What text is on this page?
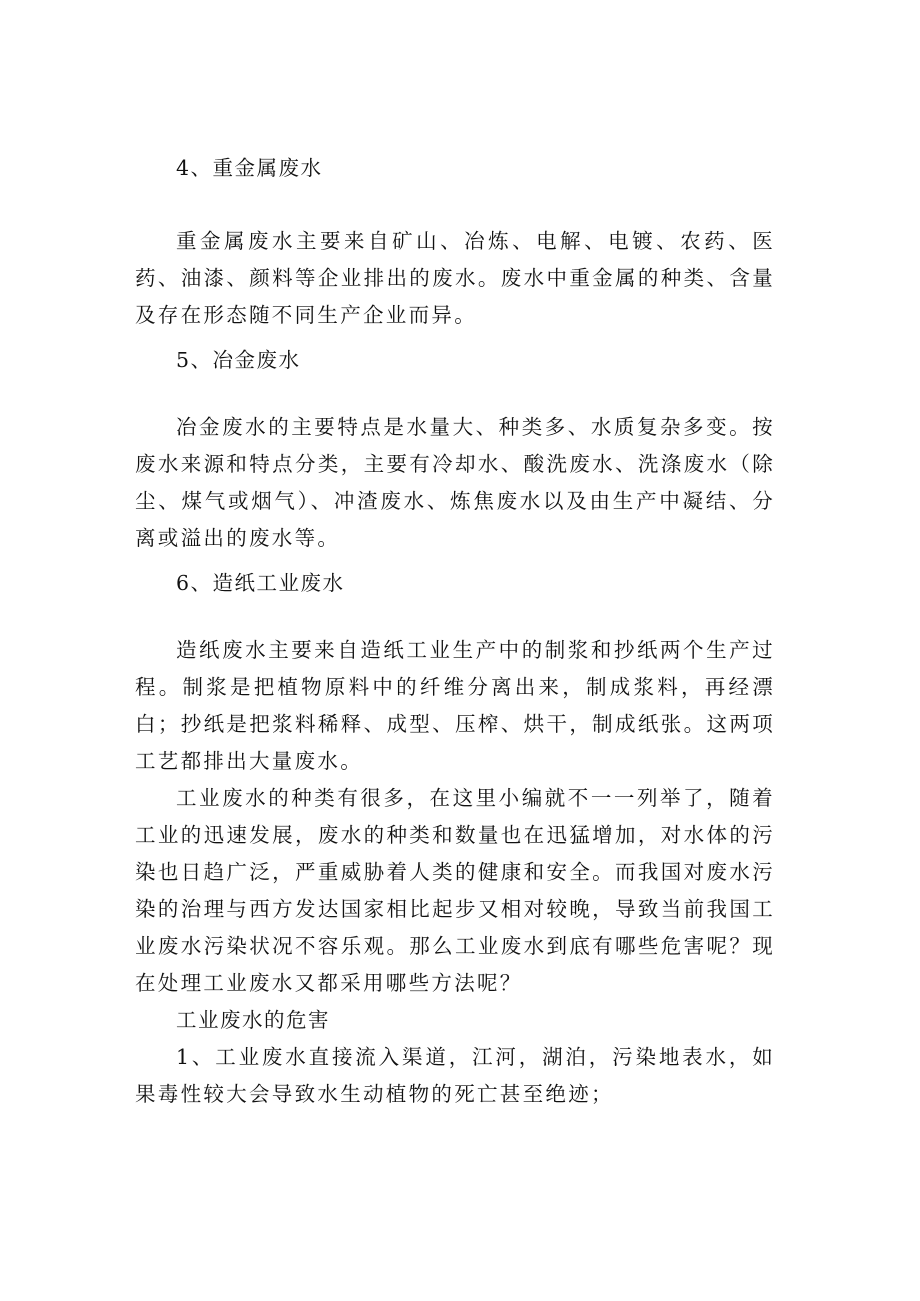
4、重金属废水

重金属废水主要来自矿山、冶炼、电解、电镀、农药、医药、油漆、颜料等企业排出的废水。废水中重金属的种类、含量及存在形态随不同生产企业而异。

5、冶金废水

冶金废水的主要特点是水量大、种类多、水质复杂多变。按废水来源和特点分类，主要有冷却水、酸洗废水、洗涤废水（除尘、煤气或烟气）、冲渣废水、炼焦废水以及由生产中凝结、分离或溢出的废水等。

6、造纸工业废水

造纸废水主要来自造纸工业生产中的制浆和抄纸两个生产过程。制浆是把植物原料中的纤维分离出来，制成浆料，再经漂白；抄纸是把浆料稀释、成型、压榨、烘干，制成纸张。这两项工艺都排出大量废水。

工业废水的种类有很多，在这里小编就不一一列举了，随着工业的迅速发展，废水的种类和数量也在迅猛增加，对水体的污染也日趋广泛，严重威胁着人类的健康和安全。而我国对废水污染的治理与西方发达国家相比起步又相对较晚，导致当前我国工业废水污染状况不容乐观。那么工业废水到底有哪些危害呢？现在处理工业废水又都采用哪些方法呢？

工业废水的危害

1、工业废水直接流入渠道，江河，湖泊，污染地表水，如果毒性较大会导致水生动植物的死亡甚至绝迹；
